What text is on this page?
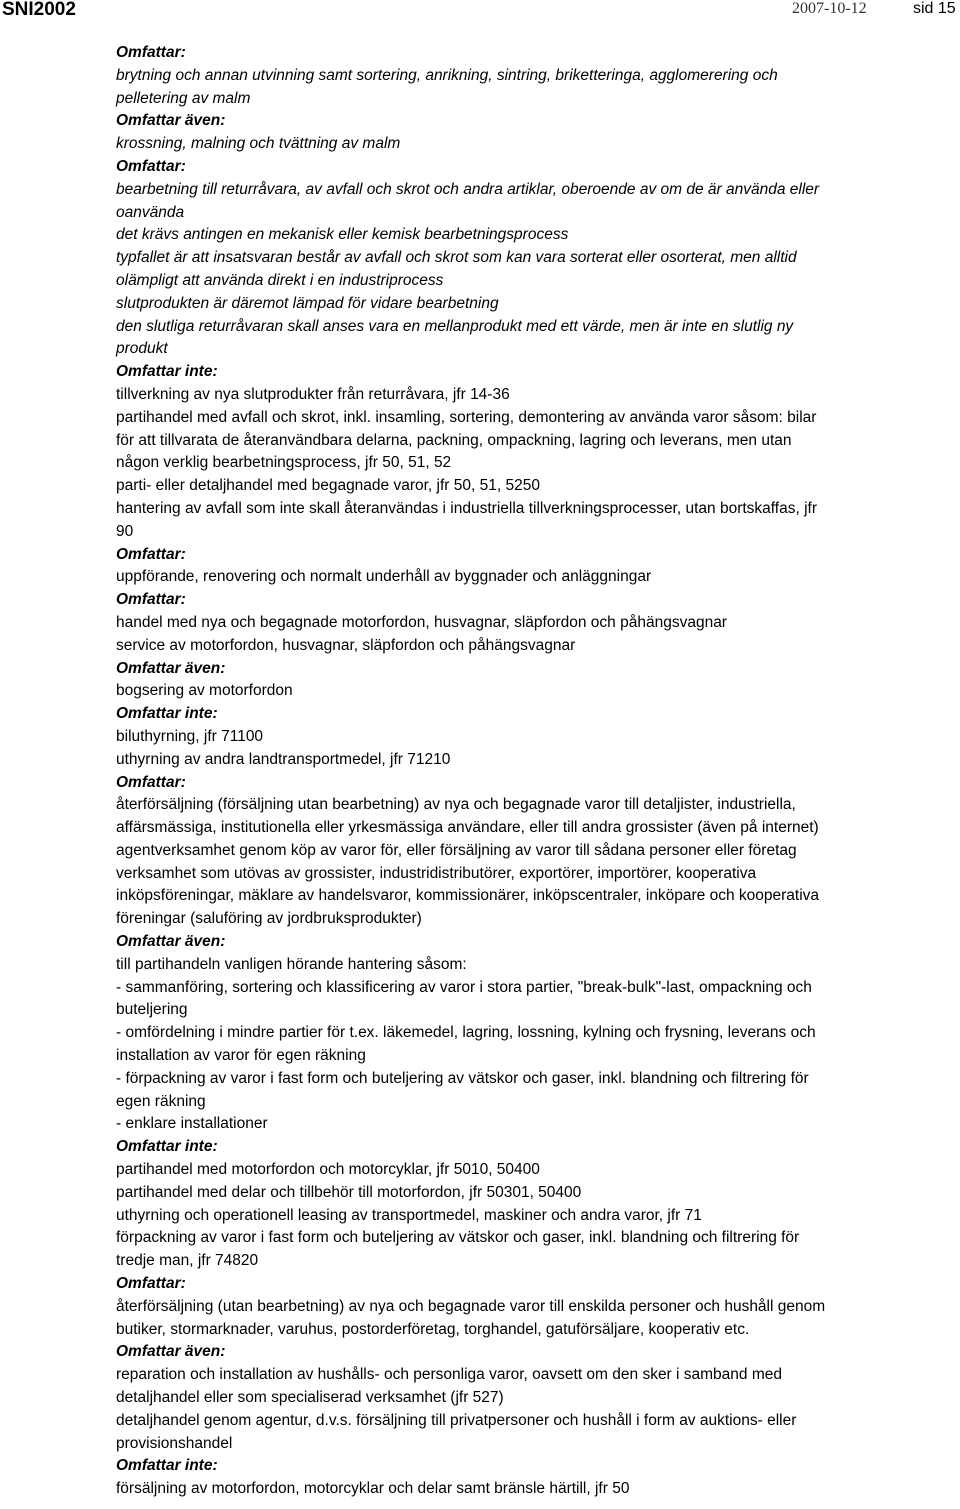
SNI2002	2007-10-12	sid 15
Omfattar:
brytning och annan utvinning samt sortering, anrikning, sintring, briketteringa, agglomerering och
pelletering av malm
Omfattar även:
krossning, malning och tvättning av malm
Omfattar:
bearbetning till returråvara, av avfall och skrot och andra artiklar, oberoende av om de är använda eller
oanvända
det krävs antingen en mekanisk eller kemisk bearbetningsprocess
typfallet är att insatsvaran består av avfall och skrot som kan vara sorterat eller osorterat, men alltid
olämpligt att använda direkt i en industriprocess
slutprodukten är däremot lämpad för vidare bearbetning
den slutliga returråvaran skall anses vara en mellanprodukt med ett värde, men är inte en slutlig ny
produkt
Omfattar inte:
tillverkning av nya slutprodukter från returråvara, jfr 14-36
partihandel med avfall och skrot, inkl. insamling, sortering, demontering av använda varor såsom: bilar
för att tillvarata de återanvändbara delarna, packning, ompackning, lagring och leverans, men utan
någon verklig bearbetningsprocess, jfr 50, 51, 52
parti- eller detaljhandel med begagnade varor, jfr 50, 51, 5250
hantering av avfall som inte skall återanvändas i industriella tillverkningsprocesser, utan bortskaffas, jfr
90
Omfattar:
uppförande, renovering och normalt underhåll av byggnader och anläggningar
Omfattar:
handel med nya och begagnade motorfordon, husvagnar, släpfordon och påhängsvagnar
service av motorfordon, husvagnar, släpfordon och påhängsvagnar
Omfattar även:
bogsering av motorfordon
Omfattar inte:
biluthyrning, jfr 71100
uthyrning av andra landtransportmedel, jfr 71210
Omfattar:
återförsäljning (försäljning utan bearbetning) av nya och begagnade varor till detaljister, industriella,
affärsmässiga, institutionella eller yrkesmässiga användare, eller till andra grossister (även på internet)
agentverksamhet genom köp av varor för, eller försäljning av varor till sådana personer eller företag
verksamhet som utövas av grossister, industridistributörer, exportörer, importörer, kooperativa
inköpsföreningar, mäklare av handelsvaror, kommissionärer, inköpscentraler, inköpare och kooperativa
föreningar (saluföring av jordbruksprodukter)
Omfattar även:
till partihandeln vanligen hörande hantering såsom:
- sammanföring, sortering och klassificering av varor i stora partier, "break-bulk"-last, ompackning och
buteljering
- omfördelning i mindre partier för t.ex. läkemedel, lagring, lossning, kylning och frysning, leverans och
installation av varor för egen räkning
- förpackning av varor i fast form och buteljering av vätskor och gaser, inkl. blandning och filtrering för
egen räkning
- enklare installationer
Omfattar inte:
partihandel med motorfordon och motorcyklar, jfr 5010, 50400
partihandel med delar och tillbehör till motorfordon, jfr 50301, 50400
uthyrning och operationell leasing av transportmedel, maskiner och andra varor, jfr 71
förpackning av varor i fast form och buteljering av vätskor och gaser, inkl. blandning och filtrering för
tredje man, jfr 74820
Omfattar:
återförsäljning (utan bearbetning) av nya och begagnade varor till enskilda personer och hushåll genom
butiker, stormarknader, varuhus, postorderföretag, torghandel, gatuförsäljare, kooperativ etc.
Omfattar även:
reparation och installation av hushålls- och personliga varor, oavsett om den sker i samband med
detaljhandel eller som specialiserad verksamhet (jfr 527)
detaljhandel genom agentur, d.v.s. försäljning till privatpersoner och hushåll i form av auktions- eller
provisionshandel
Omfattar inte:
försäljning av motorfordon, motorcyklar och delar samt bränsle härtill, jfr 50
